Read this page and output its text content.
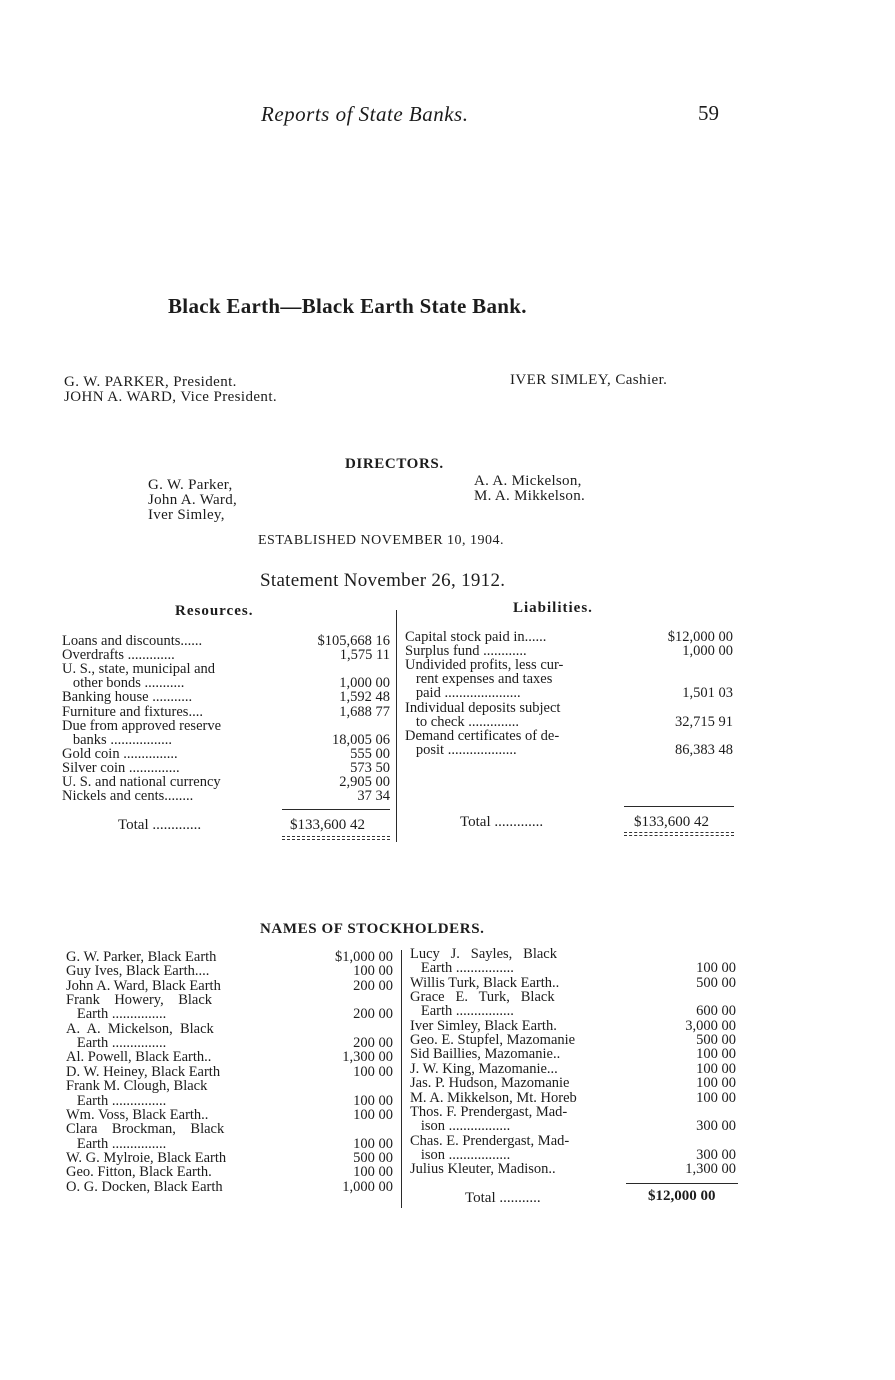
Reports of State Banks.	59
Black Earth—Black Earth State Bank.
G. W. PARKER, President.
JOHN A. WARD, Vice President.
IVER SIMLEY, Cashier.
DIRECTORS.
G. W. Parker,
John A. Ward,
Iver Simley,
A. A. Mickelson,
M. A. Mikkelson.
ESTABLISHED NOVEMBER 10, 1904.
Statement November 26, 1912.
Resources.	Liabilities.
Loans and discounts......	$105,668 16
Overdrafts .............	1,575 11
U. S., state, municipal and
other bonds ...........	1,000 00
Banking house ...........	1,592 48
Furniture and fixtures....	1,688 77
Due from approved reserve
banks .................	18,005 06
Gold coin ...............	555 00
Silver coin ..............	573 50
U. S. and national currency	2,905 00
Nickels and cents........	37 34
Total .............	$133,600 42
Capital stock paid in......	$12,000 00
Surplus fund ............	1,000 00
Undivided profits, less cur-
rent expenses and taxes
paid .....................	1,501 03
Individual deposits subject
to check ..............	32,715 91
Demand certificates of de-
posit ...................	86,383 48
Total .............	$133,600 42
NAMES OF STOCKHOLDERS.
G. W. Parker, Black Earth	$1,000 00
Guy Ives, Black Earth....	100 00
John A. Ward, Black Earth	200 00
Frank    Howery,    Black
Earth ...............	200 00
A.  A.  Mickelson,  Black
Earth ...............	200 00
Al. Powell, Black Earth..	1,300 00
D. W. Heiney, Black Earth	100 00
Frank M. Clough, Black
Earth ...............	100 00
Wm. Voss, Black Earth..	100 00
Clara    Brockman,    Black
Earth ...............	100 00
W. G. Mylroie, Black Earth	500 00
Geo. Fitton, Black Earth.	100 00
O. G. Docken, Black Earth	1,000 00
Lucy   J.   Sayles,   Black
Earth ................	100 00
Willis Turk, Black Earth..	500 00
Grace   E.   Turk,   Black
Earth ................	600 00
Iver Simley, Black Earth.	3,000 00
Geo. E. Stupfel, Mazomanie	500 00
Sid Baillies, Mazomanie..	100 00
J. W. King, Mazomanie...	100 00
Jas. P. Hudson, Mazomanie	100 00
M. A. Mikkelson, Mt. Horeb	100 00
Thos. F. Prendergast, Mad-
ison .................	300 00
Chas. E. Prendergast, Mad-
ison .................	300 00
Julius Kleuter, Madison..	1,300 00
Total ...........	$12,000 00
